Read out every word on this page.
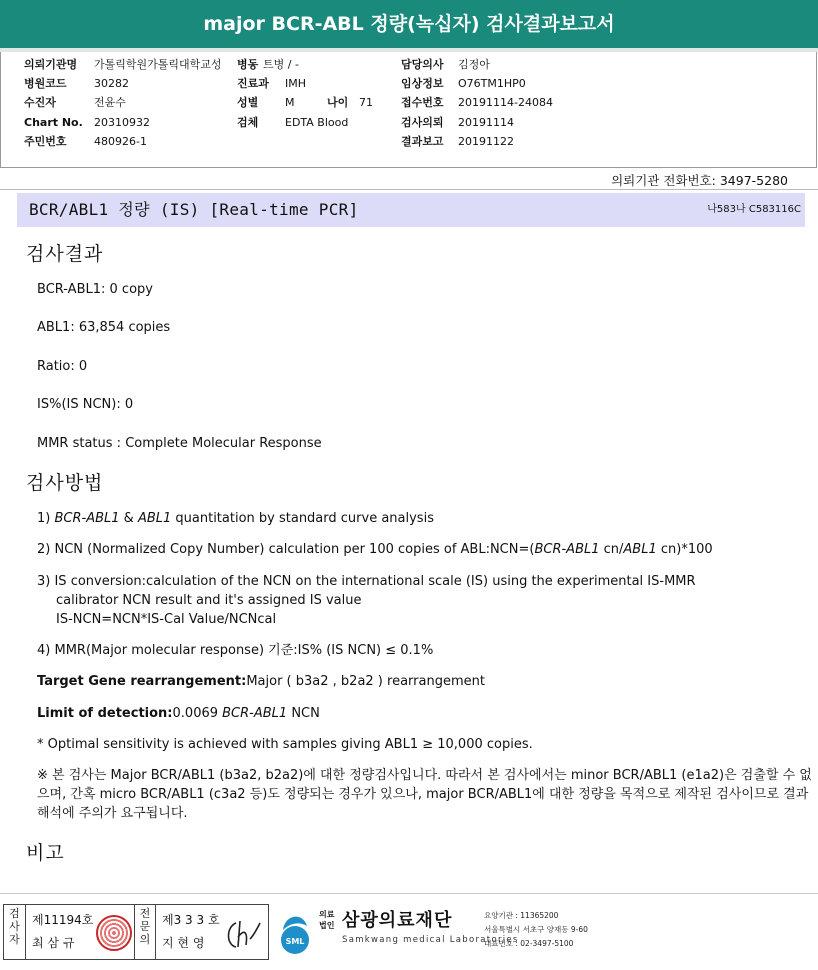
major BCR-ABL 정량(녹십자) 검사결과보고서
의뢰기관명 가톨릭학원가톨릭대학교성
병원코드 30282
수진자	전윤수
Chart No. 20310932
주민번호 480926-1
병동 트병 / -
진료과 IMH
성별 M	나이 71
검체 EDTA Blood
담당의사 김정아
임상정보 O76TM1HP0
접수번호 20191114-24084
검사의뢰 20191114
결과보고 20191122
의뢰기관 전화번호: 3497-5280
BCR/ABL1 정량 (IS) [Real-time PCR]	나583나 C583116C
검사결과
BCR-ABL1: 0 copy
ABL1: 63,854 copies
Ratio: 0
IS%(IS NCN): 0
MMR status : Complete Molecular Response
검사방법
1) BCR-ABL1 & ABL1 quantitation by standard curve analysis
2) NCN (Normalized Copy Number) calculation per 100 copies of ABL:NCN=(BCR-ABL1 cn/ABL1 cn)*100
3) IS conversion:calculation of the NCN on the international scale (IS) using the experimental IS-MMR
calibrator NCN result and it's assigned IS value
IS-NCN=NCN*IS-Cal Value/NCNcal
4) MMR(Major molecular response) 기준:IS% (IS NCN) ≤ 0.1%
Target Gene rearrangement:Major ( b3a2 , b2a2 ) rearrangement
Limit of detection:0.0069 BCR-ABL1 NCN
* Optimal sensitivity is achieved with samples giving ABL1 ≥ 10,000 copies.
※ 본 검사는 Major BCR/ABL1 (b3a2, b2a2)에 대한 정량검사입니다. 따라서 본 검사에서는 minor BCR/ABL1 (e1a2)은 검출할 수 없으며, 간혹 micro BCR/ABL1 (c3a2 등)도 정량되는 경우가 있으나, major BCR/ABL1에 대한 정량을 목적으로 제작된 검사이므로 결과해석에 주의가 요구됩니다.
비고
검사자
제11194호
최 삼 규
전문의
제3 3 3 호
지 현 영	SML
의료 법인 삼광의료재단
Samkwang medical Laboratories
요양기관 : 11365200
서울특별시 서초구 양재동 9-60
대표번호 : 02-3497-5100
